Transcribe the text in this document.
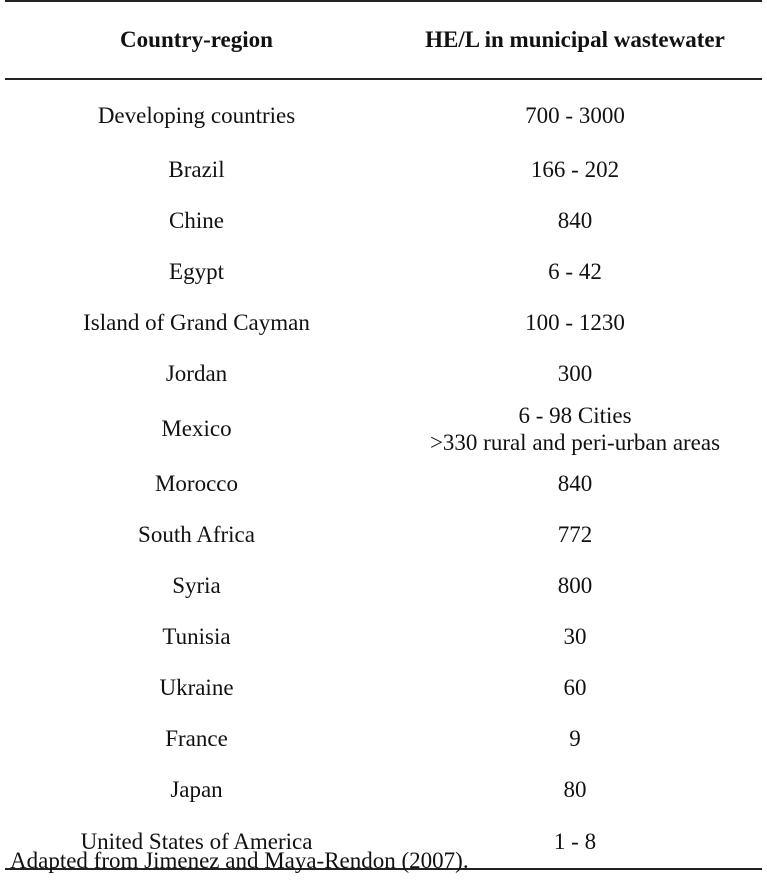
Country-region	HE/L in municipal wastewater
Developing countries	700 - 3000

Brazil	166 - 202

Chine	840

Egypt	6 - 42

Island of Grand Cayman	100 - 1230

Jordan	300

Mexico	6 - 98 Cities
>330 rural and peri-urban areas

Morocco	840

South Africa	772

Syria	800

Tunisia	30

Ukraine	60

France	9

Japan	80

United States of America	1 - 8
Adapted from Jimenez and Maya-Rendon (2007).
